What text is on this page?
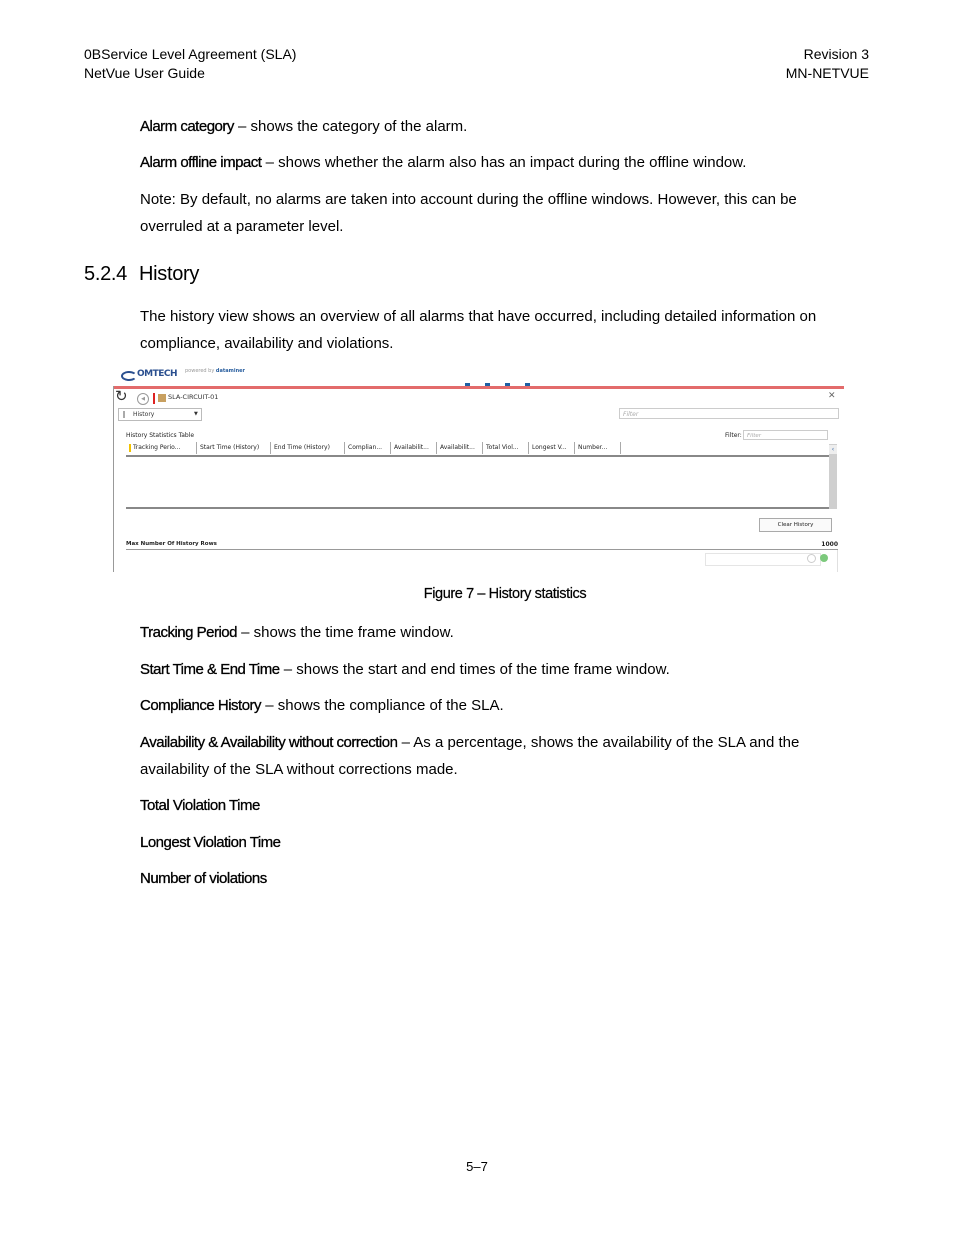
0BService Level Agreement (SLA)
NetVue User Guide
Revision 3
MN-NETVUE
Alarm category – shows the category of the alarm.
Alarm offline impact – shows whether the alarm also has an impact during the offline window.
Note: By default, no alarms are taken into account during the offline windows. However, this can be overruled at a parameter level.
5.2.4 History
The history view shows an overview of all alarms that have occurred, including detailed information on compliance, availability and violations.
OMTECH powered by dataminer
↻	◀	SLA-CIRCUIT-01	✕
History	▼	Filter
History Statistics Table	Filter: Filter
Tracking Perio...	Start Time (History)	End Time (History)	Complian...	Availabilit...	Availabilit...	Total Viol...	Longest V...	Number...	‹
Clear History
Max Number Of History Rows	1000
Figure 7 – History statistics
Tracking Period – shows the time frame window.
Start Time & End Time – shows the start and end times of the time frame window.
Compliance History – shows the compliance of the SLA.
Availability & Availability without correction – As a percentage, shows the availability of the SLA and the availability of the SLA without corrections made.
Total Violation Time
Longest Violation Time
Number of violations
5–7
